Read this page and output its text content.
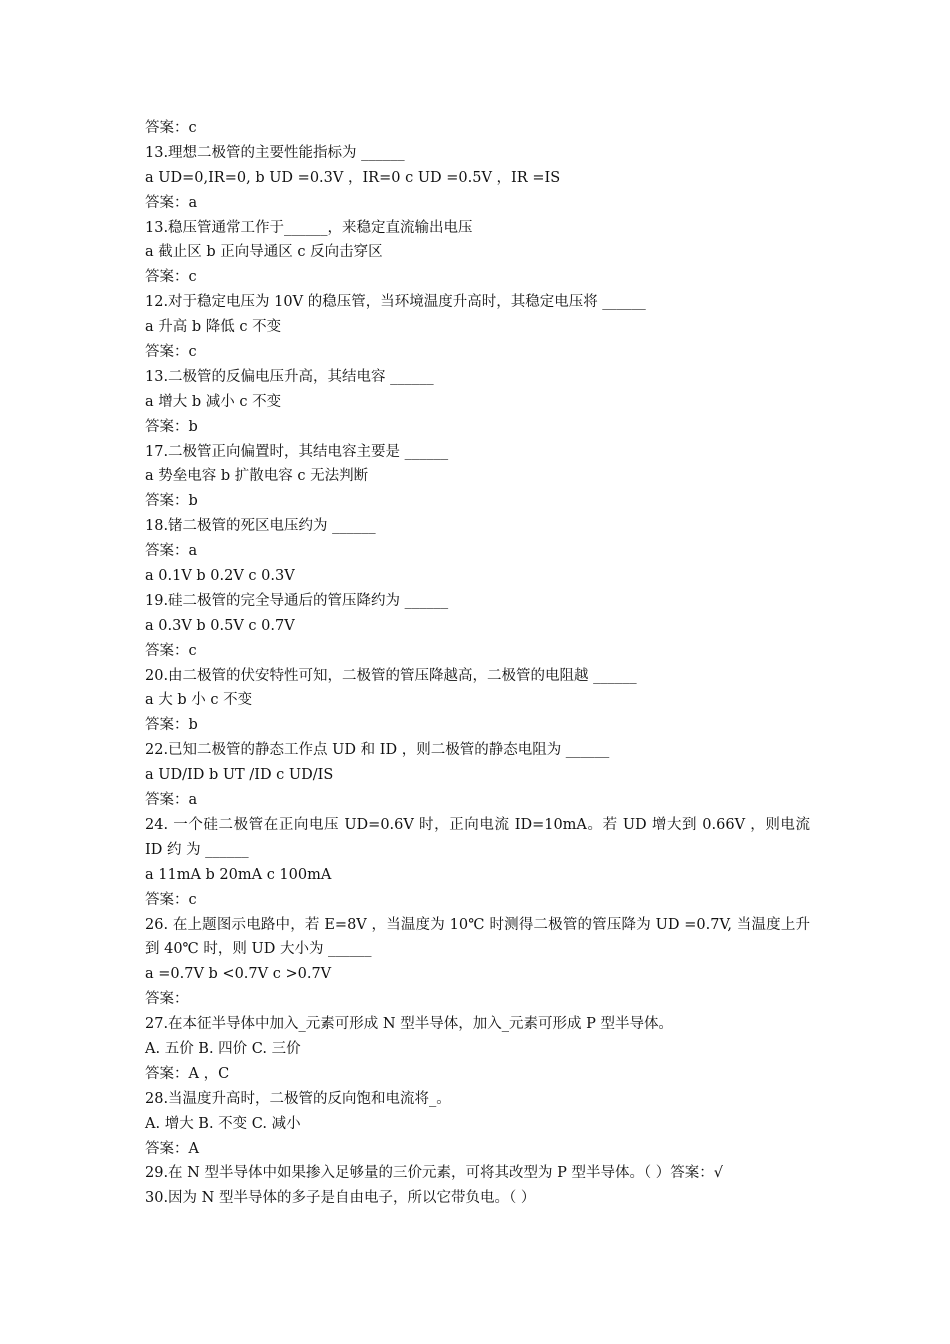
答案：c
13.理想二极管的主要性能指标为 ______
a UD=0,IR=0, b UD =0.3V ，IR=0 c UD =0.5V ，IR =IS
答案：a
13.稳压管通常工作于______，来稳定直流输出电压
a 截止区 b 正向导通区 c 反向击穿区
答案：c
12.对于稳定电压为 10V 的稳压管，当环境温度升高时，其稳定电压将 ______
a 升高 b 降低 c 不变
答案：c
13.二极管的反偏电压升高，其结电容 ______
a 增大 b 减小 c 不变
答案：b
17.二极管正向偏置时，其结电容主要是 ______
a 势垒电容 b 扩散电容 c 无法判断
答案：b
18.锗二极管的死区电压约为 ______
答案：a
a 0.1V b 0.2V c 0.3V
19.硅二极管的完全导通后的管压降约为 ______
a 0.3V b 0.5V c 0.7V
答案：c
20.由二极管的伏安特性可知，二极管的管压降越高，二极管的电阻越 ______
a 大 b 小 c 不变
答案：b
22.已知二极管的静态工作点 UD 和 ID ，则二极管的静态电阻为 ______
a UD/ID b UT /ID c UD/IS
答案：a
24. 一个硅二极管在正向电压 UD=0.6V 时，正向电流 ID=10mA。若 UD 增大到 0.66V ，则电流 ID 约 为 ______
a 11mA b 20mA c 100mA
答案：c
26. 在上题图示电路中，若 E=8V ，当温度为 10℃ 时测得二极管的管压降为 UD =0.7V, 当温度上升到 40℃ 时，则 UD 大小为 ______
a =0.7V b <0.7V c >0.7V
答案：
27.在本征半导体中加入_元素可形成 N 型半导体，加入_元素可形成 P 型半导体。
A. 五价 B. 四价 C. 三价
答案：A ，C
28.当温度升高时，二极管的反向饱和电流将_。
A. 增大 B. 不变 C. 减小
答案：A
29.在 N 型半导体中如果掺入足够量的三价元素，可将其改型为 P 型半导体。（ ）答案：√
30.因为 N 型半导体的多子是自由电子，所以它带负电。（ ）
